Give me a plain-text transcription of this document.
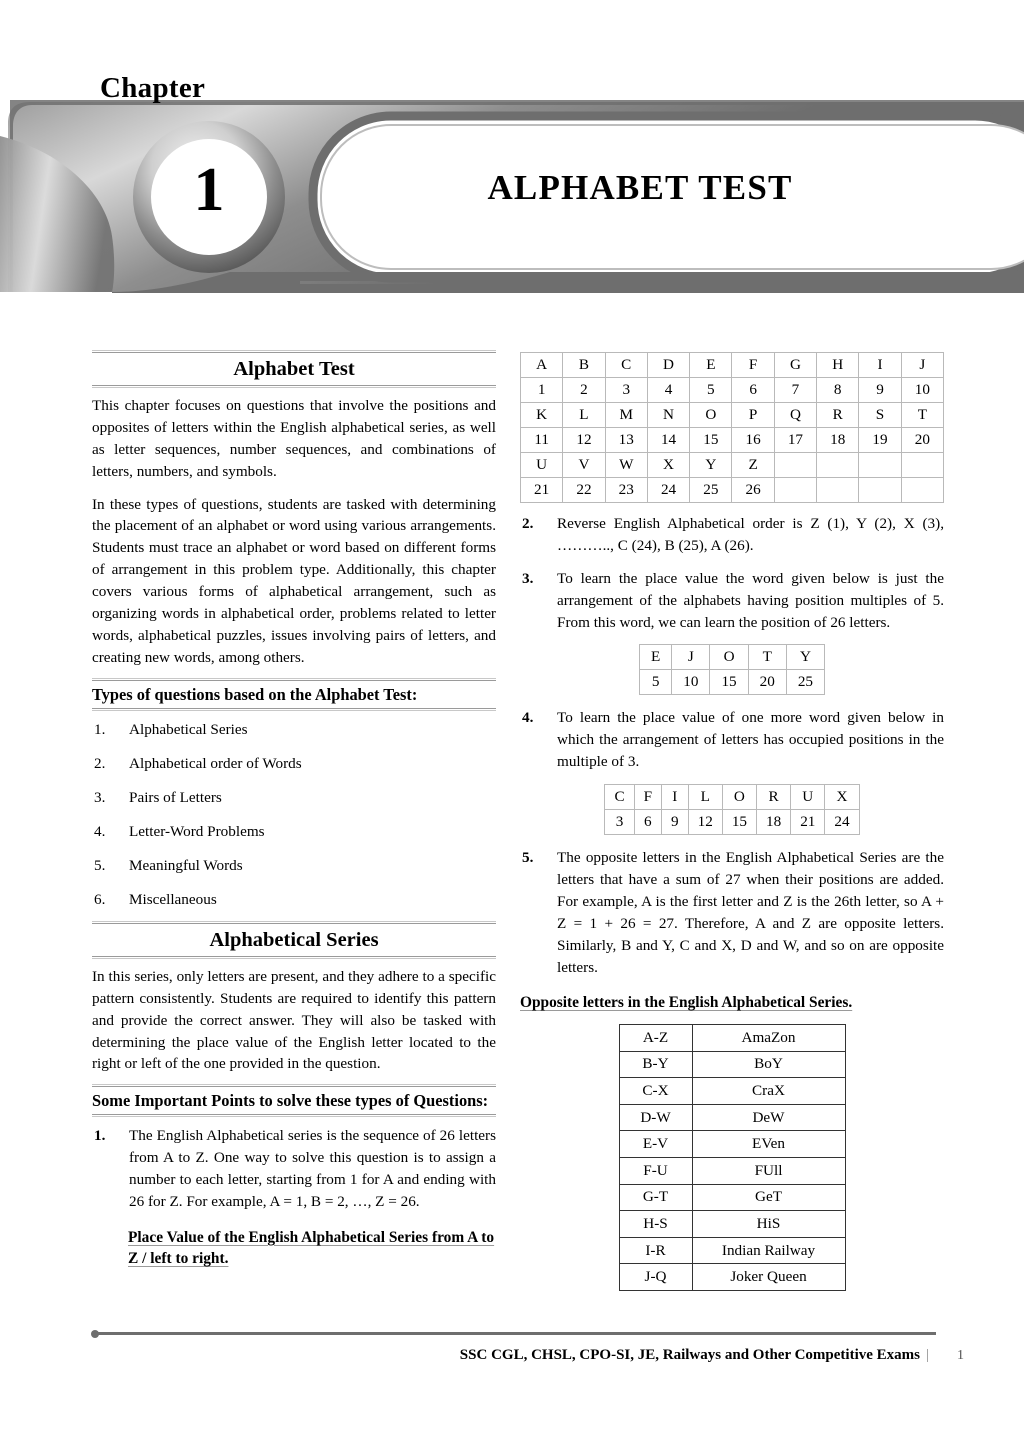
Chapter
1	ALPHABET TEST
Alphabet Test

This chapter focuses on questions that involve the positions and opposites of letters within the English alphabetical series, as well as letter sequences, number sequences, and combinations of letters, numbers, and symbols.

In these types of questions, students are tasked with determining the placement of an alphabet or word using various arrangements. Students must trace an alphabet or word based on different forms of arrangement in this problem type. Additionally, this chapter covers various forms of alphabetical arrangement, such as organizing words in alphabetical order, problems related to letter words, alphabetical puzzles, issues involving pairs of letters, and creating new words, among others.

Types of questions based on the Alphabet Test:
1.	Alphabetical Series
2.	Alphabetical order of Words
3.	Pairs of Letters
4.	Letter-Word Problems
5.	Meaningful Words
6.	Miscellaneous
Alphabetical Series

In this series, only letters are present, and they adhere to a specific pattern consistently. Students are required to identify this pattern and provide the correct answer. They will also be tasked with determining the place value of the English letter located to the right or left of the one provided in the question.

Some Important Points to solve these types of Questions:
1.	The English Alphabetical series is the sequence of 26 letters from A to Z. One way to solve this question is to assign a number to each letter, starting from 1 for A and ending with 26 for Z. For example, A = 1, B = 2, …, Z = 26.
Place Value of the English Alphabetical Series from A to Z / left to right.
A	B	C	D	E	F	G	H	I	J
1	2	3	4	5	6	7	8	9	10
K	L	M	N	O	P	Q	R	S	T
11	12	13	14	15	16	17	18	19	20
U	V	W	X	Y	Z				
21	22	23	24	25	26				
2.	Reverse English Alphabetical order is Z (1), Y (2), X (3), ……….., C (24), B (25), A (26).
3.	To learn the place value the word given below is just the arrangement of the alphabets having position multiples of 5. From this word, we can learn the position of 26 letters.
E	J	O	T	Y
5	10	15	20	25
4.	To learn the place value of one more word given below in which the arrangement of letters has occupied positions in the multiple of 3.
C	F	I	L	O	R	U	X
3	6	9	12	15	18	21	24
5.	The opposite letters in the English Alphabetical Series are the letters that have a sum of 27 when their positions are added. For example, A is the first letter and Z is the 26th letter, so A + Z = 1 + 26 = 27. Therefore, A and Z are opposite letters. Similarly, B and Y, C and X, D and W, and so on are opposite letters.
Opposite letters in the English Alphabetical Series.
A-Z	AmaZon
B-Y	BoY
C-X	CraX
D-W	DeW
E-V	EVen
F-U	FUll
G-T	GeT
H-S	HiS
I-R	Indian Railway
J-Q	Joker Queen
SSC CGL, CHSL, CPO-SI, JE, Railways and Other Competitive Exams |	1
